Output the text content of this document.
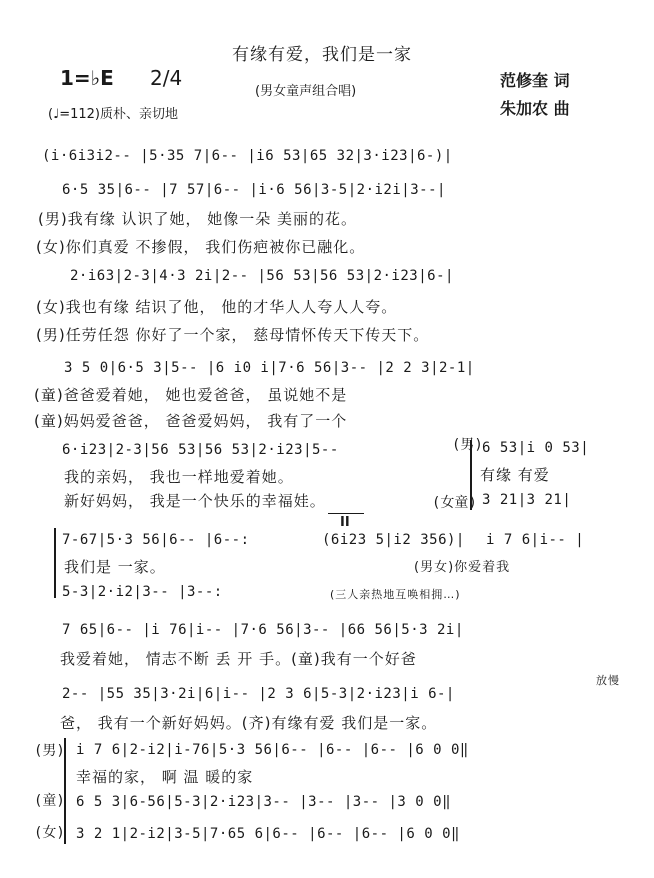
有缘有爱，我们是一家
(男女童声组合唱)
1=♭E 2/4
(♩=112)质朴、亲切地
范修奎 词
朱加农 曲
(i·6i3i2-- |5·35 7|6-- |i6 53|65 32|3·i23|6-)|
6·5 35|6-- |7 57|6-- |i·6 56|3-5|2·i2i|3--|
(男)我有缘 认识了她， 她像一朵 美丽的花。
(女)你们真爱 不掺假， 我们伤疤被你已融化。
2·i63|2-3|4·3 2i|2-- |56 53|56 53|2·i23|6-|
(女)我也有缘 结识了他， 他的才华人人夸人人夸。
(男)任劳任怨 你好了一个家， 慈母情怀传天下传天下。
3 5 0|6·5 3|5-- |6 i0 i|7·6 56|3-- |2 2 3|2-1|
(童)爸爸爱着她， 她也爱爸爸， 虽说她不是
(童)妈妈爱爸爸， 爸爸爱妈妈， 我有了一个
6·i23|2-3|56 53|56 53|2·i23|5--
我的亲妈， 我也一样地爱着她。
新好妈妈， 我是一个快乐的幸福娃。
(男) 6 53|i 0 53|
有缘 有爱
(女童) 3 21|3 21|
7-67|5·3 56|6-- |6--:
我们是 一家。
5-3|2·i2|3-- |3--:
II
(6i23 5|i2 356)| i 7 6|i-- |
(男女)你爱着我
(三人亲热地互唤相拥…)
7 65|6-- |i 76|i-- |7·6 56|3-- |66 56|5·3 2i|
我爱着她， 情志不断 丢 开 手。(童)我有一个好爸
放慢
2-- |55 35|3·2i|6|i-- |2 3 6|5-3|2·i23|i 6-|
爸， 我有一个新好妈妈。(齐)有缘有爱 我们是一家。
(男)
(童)
(女)
i 7 6|2-i2|i-76|5·3 56|6-- |6-- |6-- |6 0 0‖
幸福的家， 啊 温 暖的家
6 5 3|6-56|5-3|2·i23|3-- |3-- |3-- |3 0 0‖
3 2 1|2-i2|3-5|7·65 6|6-- |6-- |6-- |6 0 0‖
